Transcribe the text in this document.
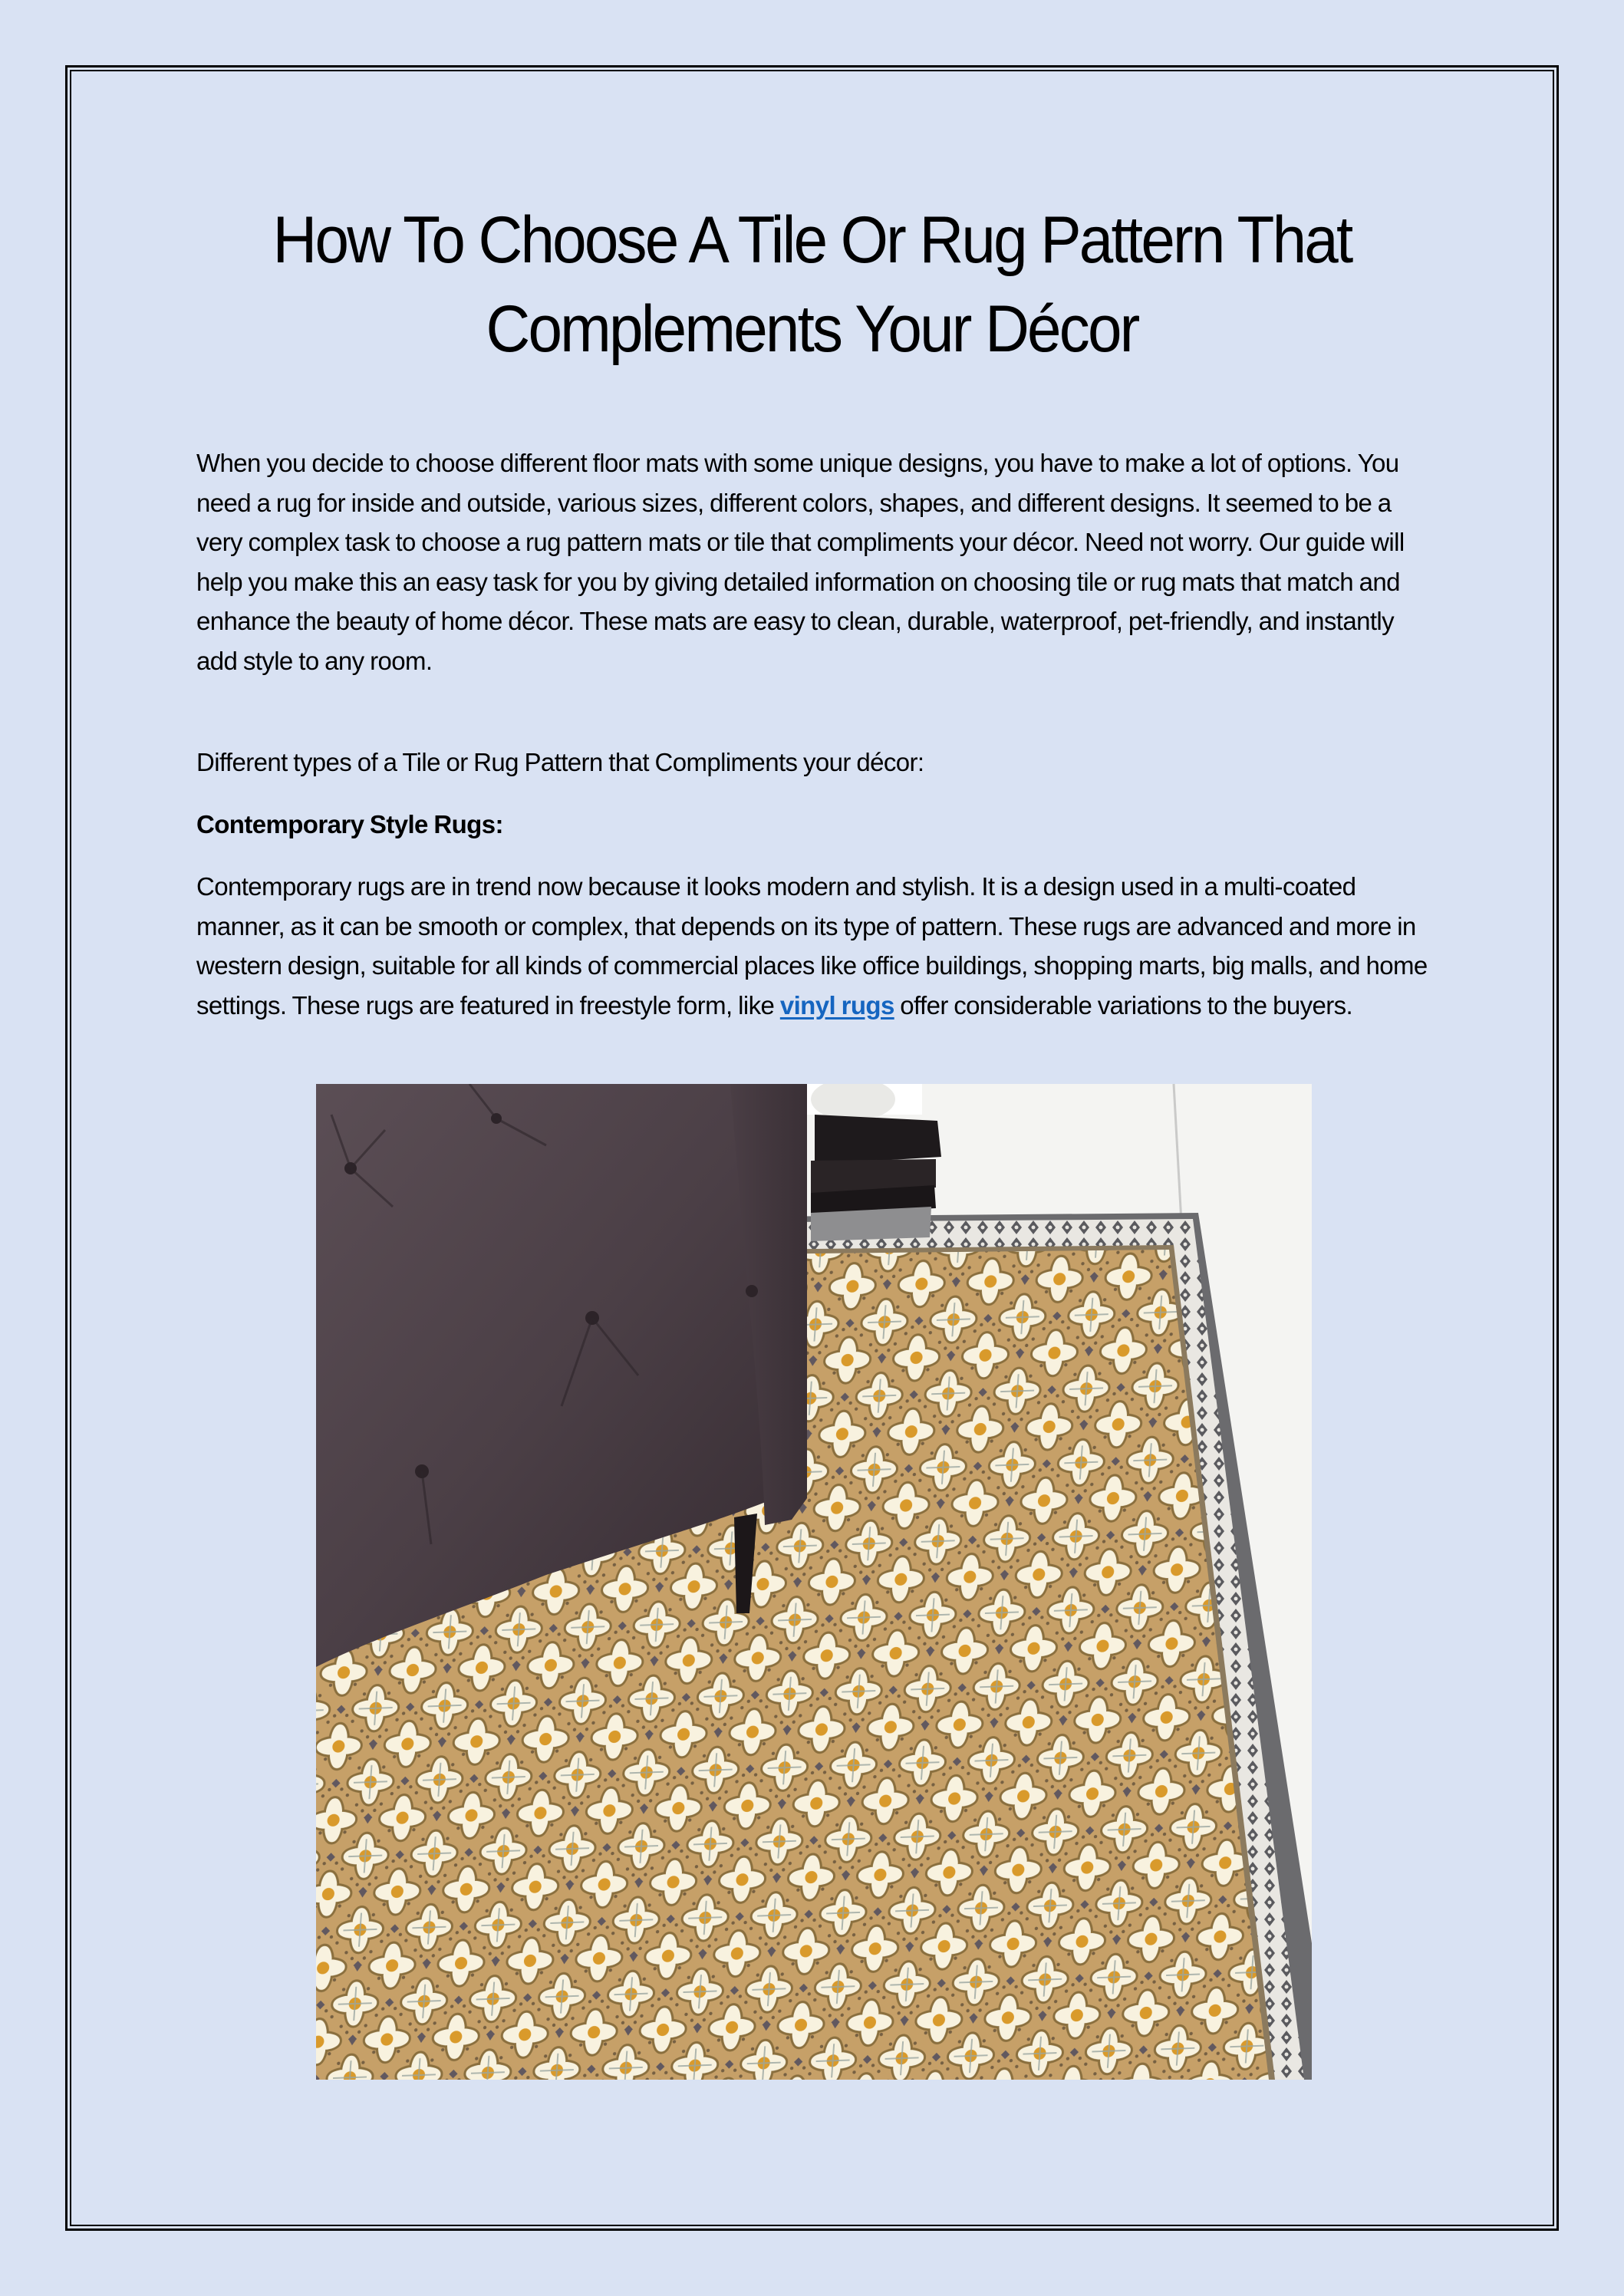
How To Choose A Tile Or Rug Pattern That
Complements Your Décor

When you decide to choose different floor mats with some unique designs, you have to make a lot of options. You need a rug for inside and outside, various sizes, different colors, shapes, and different designs. It seemed to be a very complex task to choose a rug pattern mats or tile that compliments your décor. Need not worry. Our guide will help you make this an easy task for you by giving detailed information on choosing tile or rug mats that match and enhance the beauty of home décor. These mats are easy to clean, durable, waterproof, pet-friendly, and instantly add style to any room.

Different types of a Tile or Rug Pattern that Compliments your décor:

Contemporary Style Rugs:

Contemporary rugs are in trend now because it looks modern and stylish. It is a design used in a multi-coated manner, as it can be smooth or complex, that depends on its type of pattern. These rugs are advanced and more in western design, suitable for all kinds of commercial places like office buildings, shopping marts, big malls, and home settings. These rugs are featured in freestyle form, like vinyl rugs offer considerable variations to the buyers.
